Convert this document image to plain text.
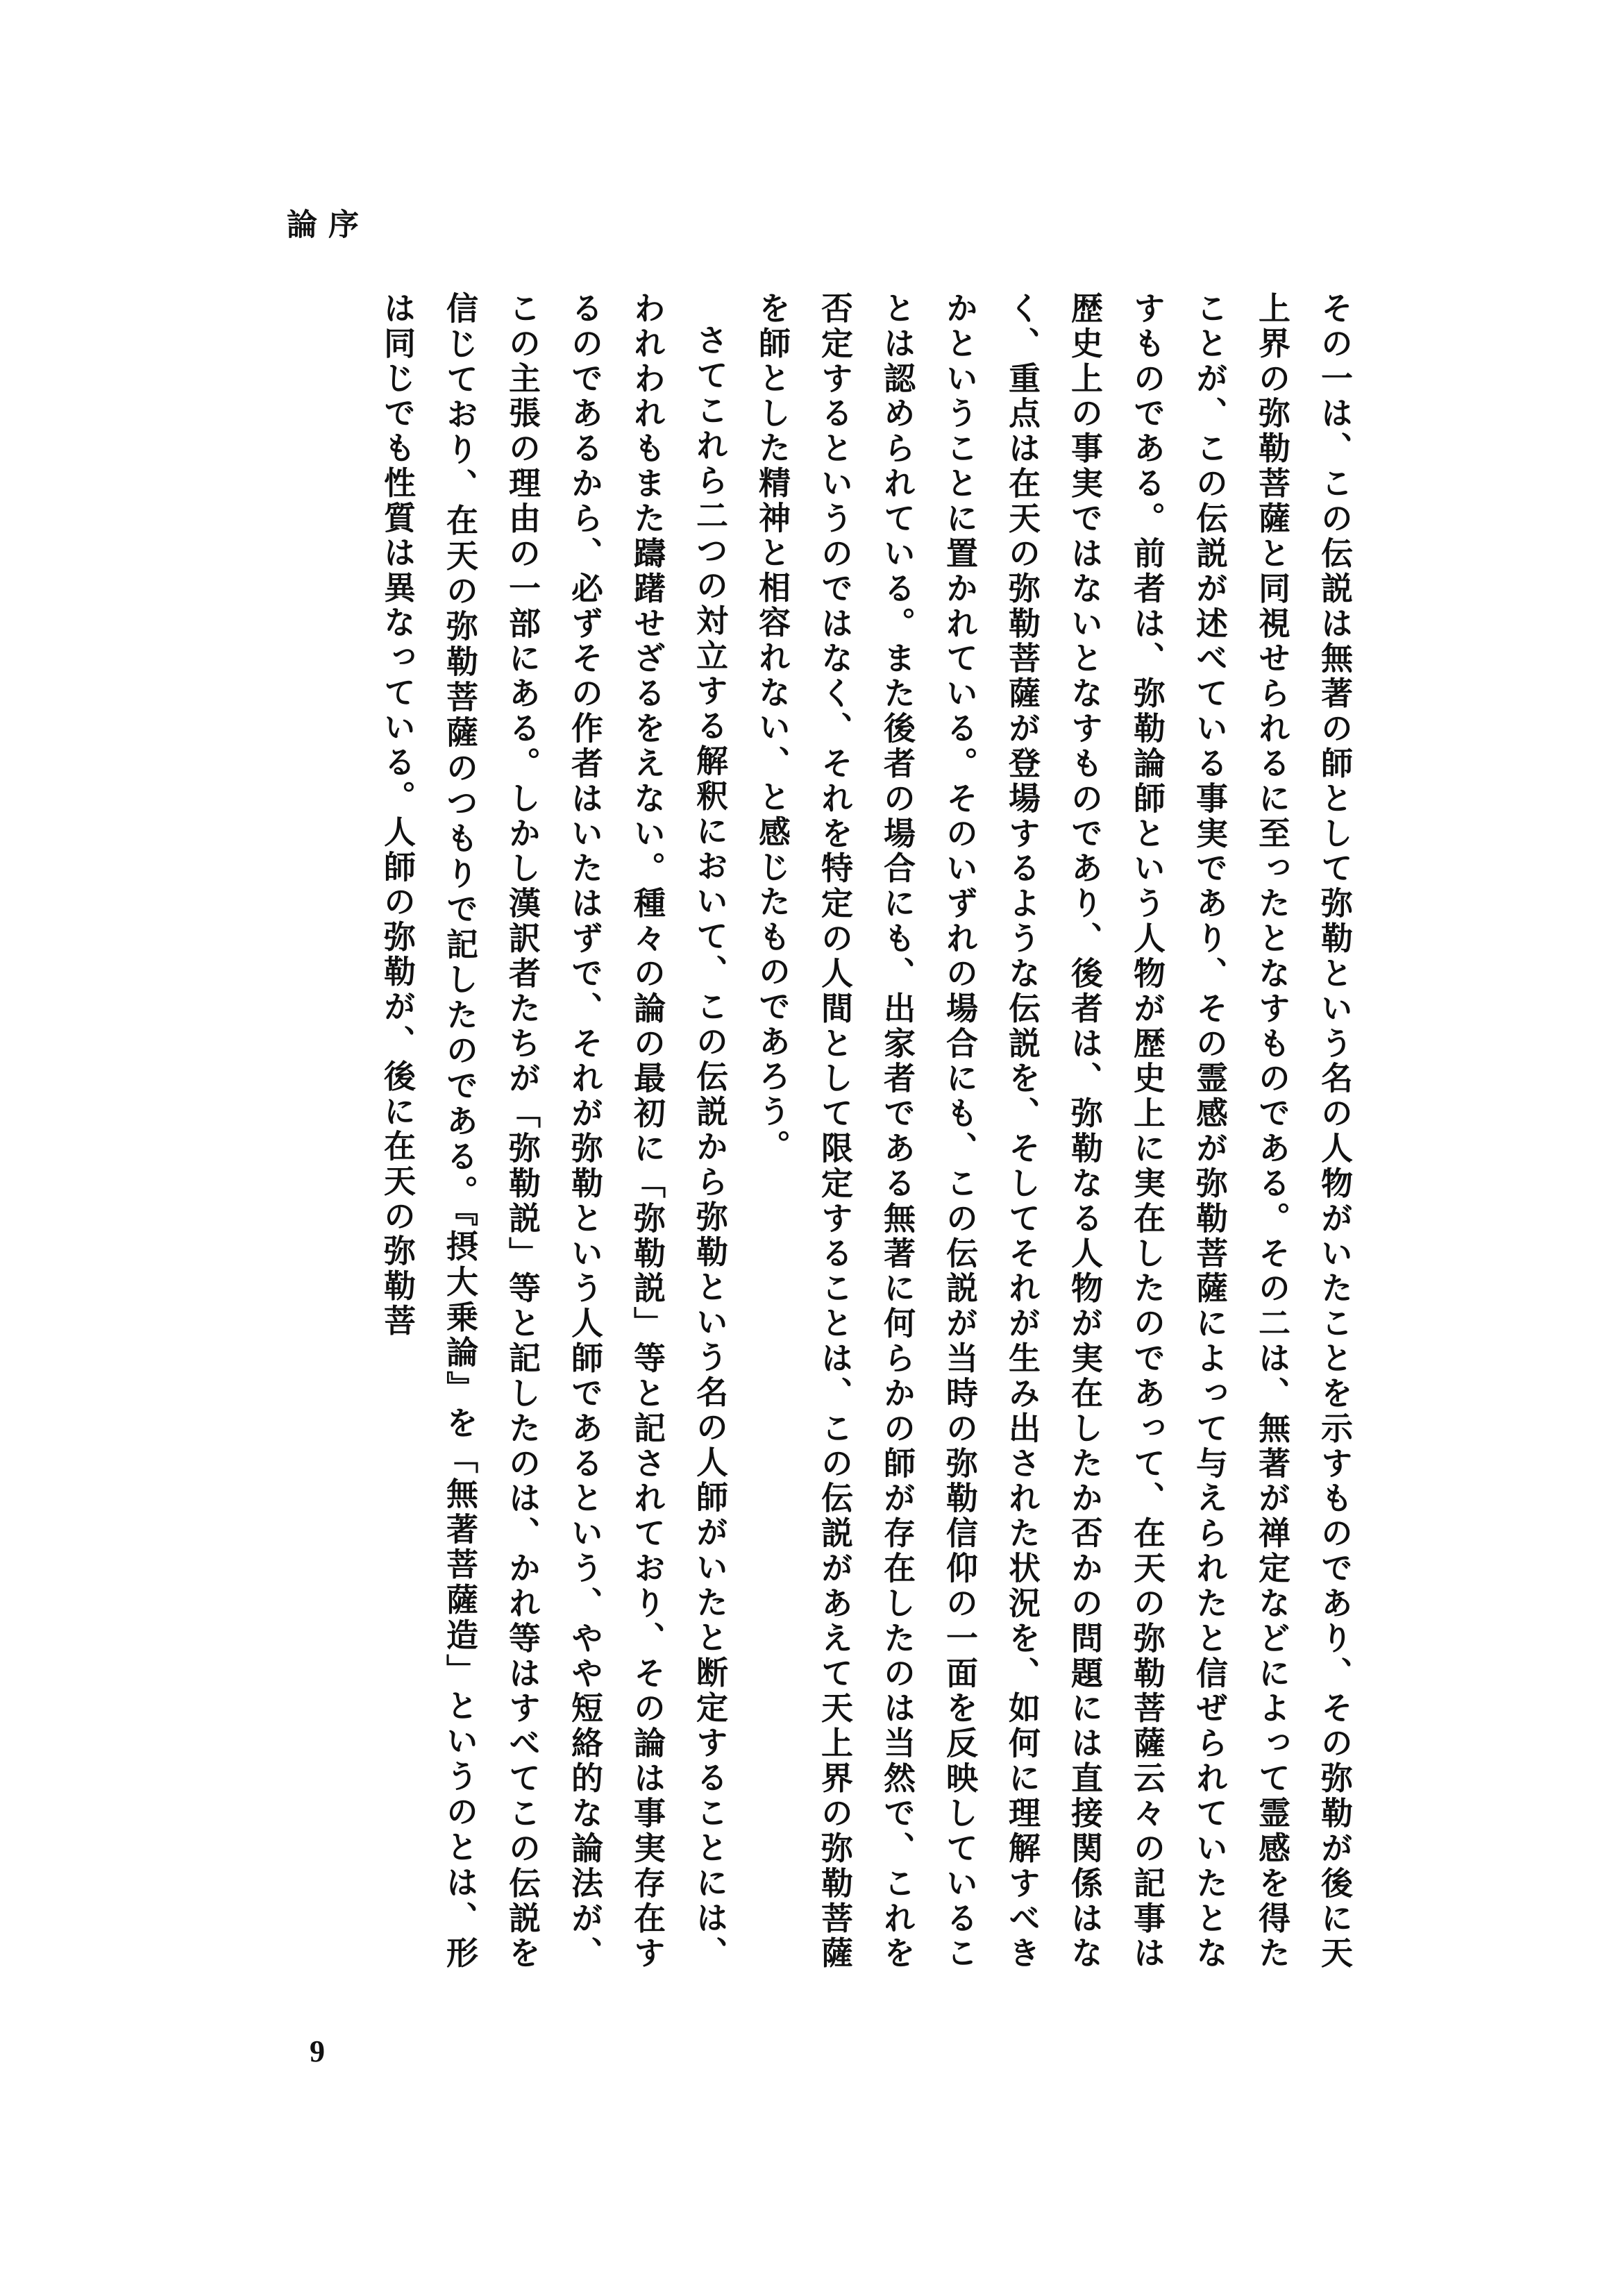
序　論

その一は、この伝説は無著の師として弥勒という名の人物がいたことを示すものであり、その弥勒が後に天上界の弥勒菩薩と同視せられるに至ったとなすものである。その二は、無著が禅定などによって霊感を得たことが、この伝説が述べている事実であり、その霊感が弥勒菩薩によって与えられたと信ぜられていたとなすものである。前者は、弥勒論師という人物が歴史上に実在したのであって、在天の弥勒菩薩云々の記事は歴史上の事実ではないとなすものであり、後者は、弥勒なる人物が実在したか否かの問題には直接関係はなく、重点は在天の弥勒菩薩が登場するような伝説を、そしてそれが生み出された状況を、如何に理解すべきかということに置かれている。そのいずれの場合にも、この伝説が当時の弥勒信仰の一面を反映していることは認められている。また後者の場合にも、出家者である無著に何らかの師が存在したのは当然で、これを否定するというのではなく、それを特定の人間として限定することは、この伝説があえて天上界の弥勒菩薩を師とした精神と相容れない、と感じたものであろう。

さてこれら二つの対立する解釈において、この伝説から弥勒という名の人師がいたと断定することには、われわれもまた躊躇せざるをえない。種々の論の最初に「弥勒説」等と記されており、その論は事実存在するのであるから、必ずその作者はいたはずで、それが弥勒という人師であるという、やや短絡的な論法が、この主張の理由の一部にある。しかし漢訳者たちが「弥勒説」等と記したのは、かれ等はすべてこの伝説を信じており、在天の弥勒菩薩のつもりで記したのである。『摂大乗論』を「無著菩薩造」というのとは、形は同じでも性質は異なっている。人師の弥勒が、後に在天の弥勒菩

9
